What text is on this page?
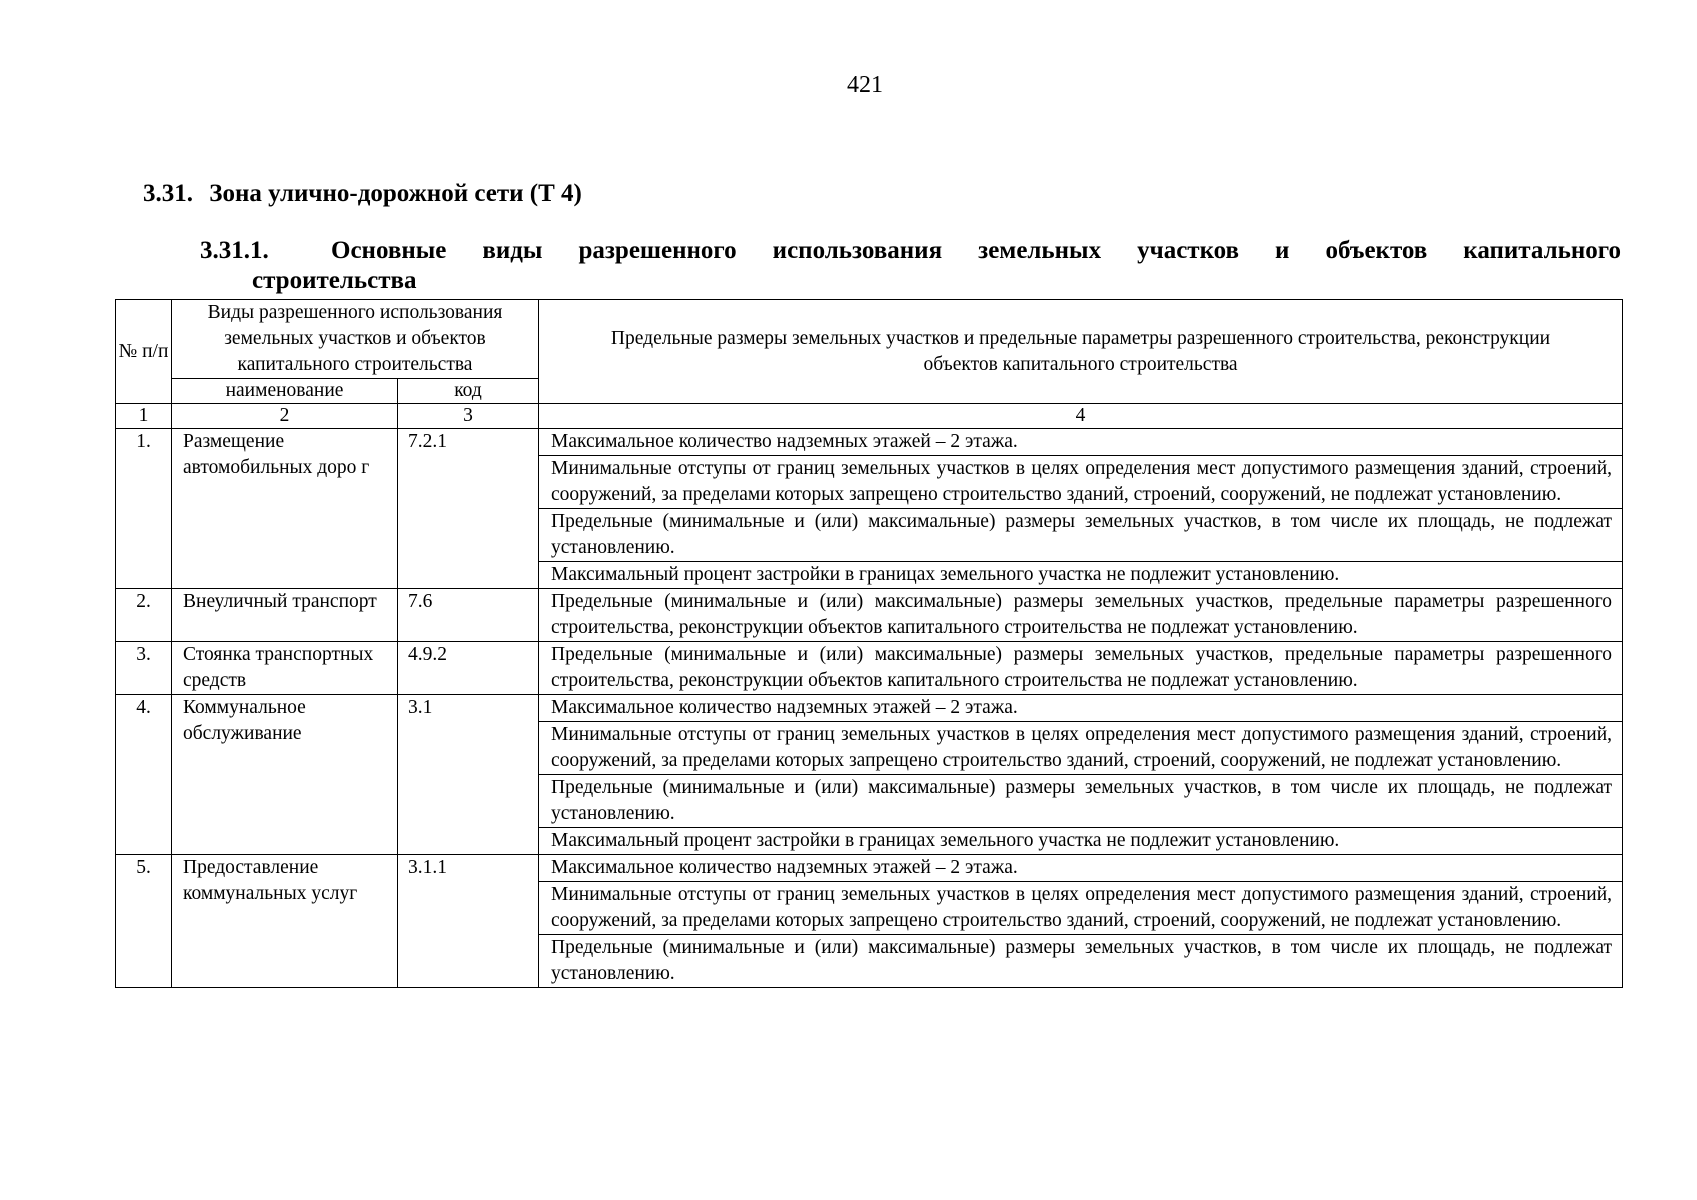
421
3.31. Зона улично-дорожной сети (Т 4)
3.31.1.	Основные виды разрешенного использования земельных участков и объектов капитального
строительства
№ п/п	Виды разрешенного использования земельных участков и объектов капитального строительства		Предельные размеры земельных участков и предельные параметры разрешенного строительства, реконструкции объектов капитального строительства
	наименование	код	
1	2	3	4
1.	Размещение автомобильных доро г	7.2.1	Максимальное количество надземных этажей – 2 этажа.
			Минимальные отступы от границ земельных участков в целях определения мест допустимого размещения зданий, строений, сооружений, за пределами которых запрещено строительство зданий, строений, сооружений, не подлежат установлению.
			Предельные (минимальные и (или) максимальные) размеры земельных участков, в том числе их площадь, не подлежат установлению.
			Максимальный процент застройки в границах земельного участка не подлежит установлению.
2.	Внеуличный транспорт	7.6	Предельные (минимальные и (или) максимальные) размеры земельных участков, предельные параметры разрешенного строительства, реконструкции объектов капитального строительства не подлежат установлению.
3.	Стоянка транспортных средств	4.9.2	Предельные (минимальные и (или) максимальные) размеры земельных участков, предельные параметры разрешенного строительства, реконструкции объектов капитального строительства не подлежат установлению.
4.	Коммунальное обслуживание	3.1	Максимальное количество надземных этажей – 2 этажа.
			Минимальные отступы от границ земельных участков в целях определения мест допустимого размещения зданий, строений, сооружений, за пределами которых запрещено строительство зданий, строений, сооружений, не подлежат установлению.
			Предельные (минимальные и (или) максимальные) размеры земельных участков, в том числе их площадь, не подлежат установлению.
			Максимальный процент застройки в границах земельного участка не подлежит установлению.
5.	Предоставление коммунальных услуг	3.1.1	Максимальное количество надземных этажей – 2 этажа.
			Минимальные отступы от границ земельных участков в целях определения мест допустимого размещения зданий, строений, сооружений, за пределами которых запрещено строительство зданий, строений, сооружений, не подлежат установлению.
			Предельные (минимальные и (или) максимальные) размеры земельных участков, в том числе их площадь, не подлежат установлению.
